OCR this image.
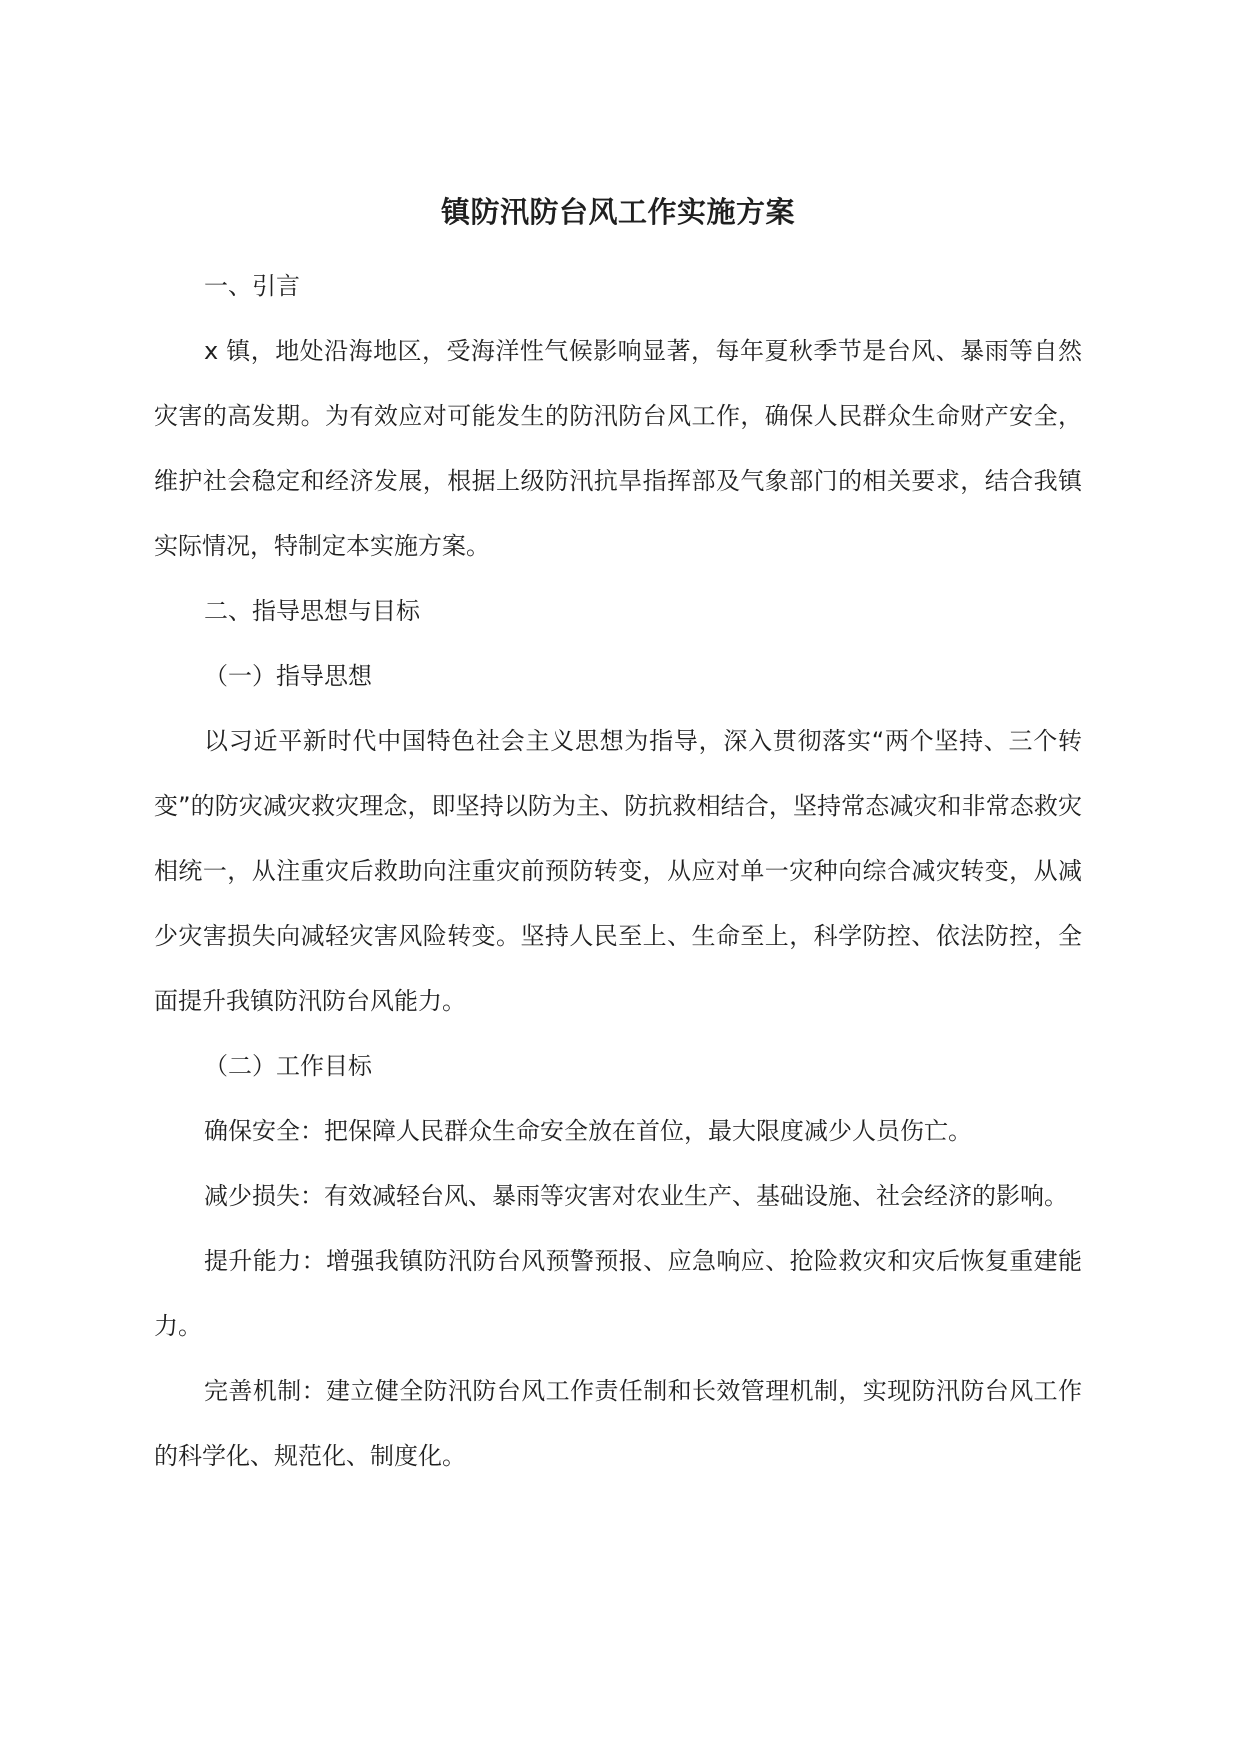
镇防汛防台风工作实施方案

一、引言

x 镇，地处沿海地区，受海洋性气候影响显著，每年夏秋季节是台风、暴雨等自然灾害的高发期。为有效应对可能发生的防汛防台风工作，确保人民群众生命财产安全，维护社会稳定和经济发展，根据上级防汛抗旱指挥部及气象部门的相关要求，结合我镇实际情况，特制定本实施方案。

二、指导思想与目标

（一）指导思想

以习近平新时代中国特色社会主义思想为指导，深入贯彻落实“两个坚持、三个转变”的防灾减灾救灾理念，即坚持以防为主、防抗救相结合，坚持常态减灾和非常态救灾相统一，从注重灾后救助向注重灾前预防转变，从应对单一灾种向综合减灾转变，从减少灾害损失向减轻灾害风险转变。坚持人民至上、生命至上，科学防控、依法防控，全面提升我镇防汛防台风能力。

（二）工作目标

确保安全：把保障人民群众生命安全放在首位，最大限度减少人员伤亡。

减少损失：有效减轻台风、暴雨等灾害对农业生产、基础设施、社会经济的影响。

提升能力：增强我镇防汛防台风预警预报、应急响应、抢险救灾和灾后恢复重建能力。

完善机制：建立健全防汛防台风工作责任制和长效管理机制，实现防汛防台风工作的科学化、规范化、制度化。
